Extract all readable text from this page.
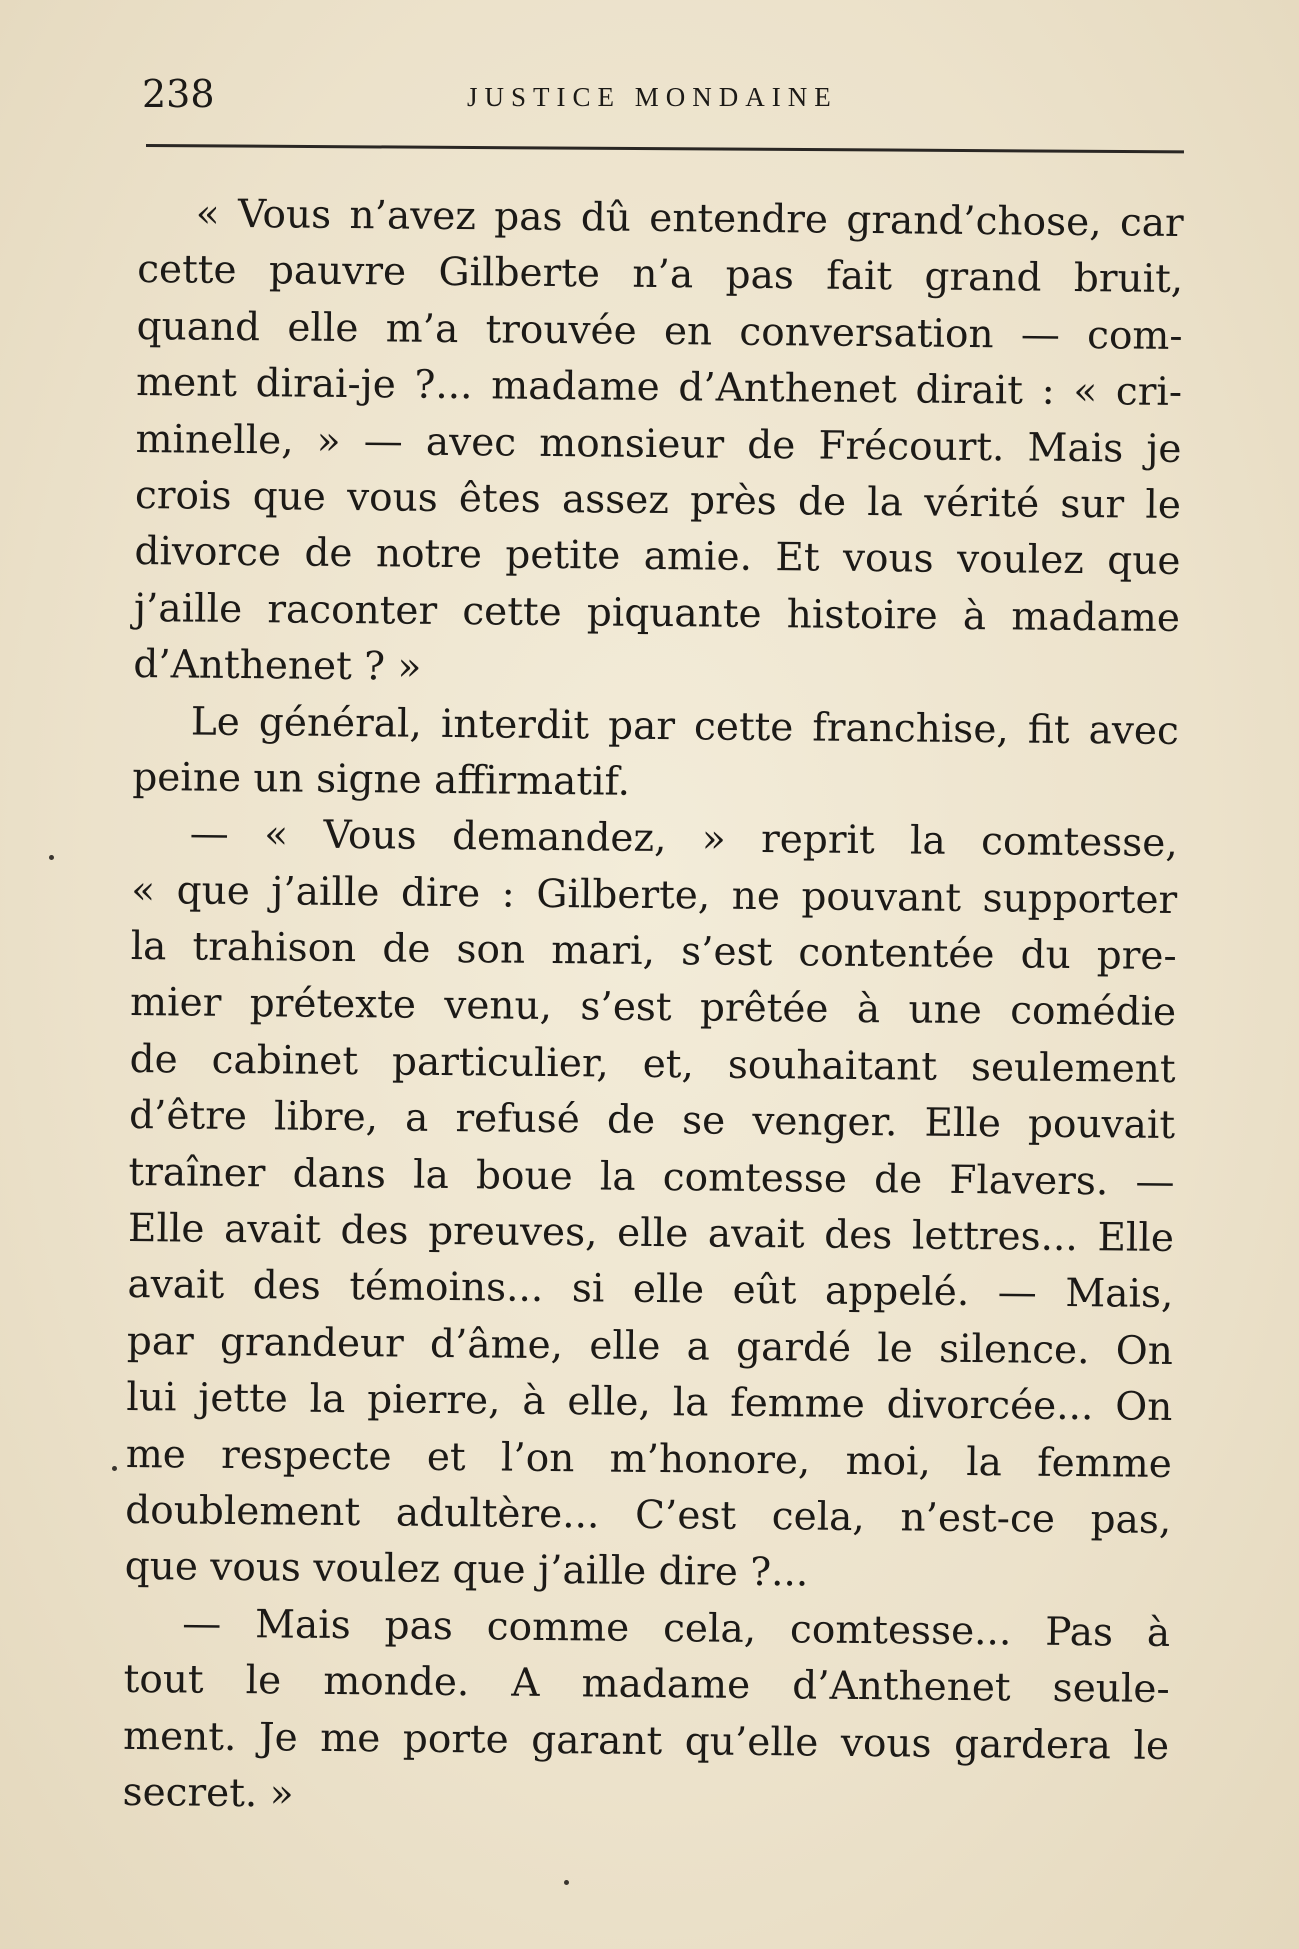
238	JUSTICE MONDAINE
« Vous n’avez pas dû entendre grand’chose, car
cette pauvre Gilberte n’a pas fait grand bruit,
quand elle m’a trouvée en conversation — com-
ment dirai-je ?... madame d’Anthenet dirait : « cri-
minelle, » — avec monsieur de Frécourt. Mais je
crois que vous êtes assez près de la vérité sur le
divorce de notre petite amie. Et vous voulez que
j’aille raconter cette piquante histoire à madame
d’Anthenet ? »
Le général, interdit par cette franchise, fit avec
peine un signe affirmatif.
— « Vous demandez, » reprit la comtesse,
« que j’aille dire : Gilberte, ne pouvant supporter
la trahison de son mari, s’est contentée du pre-
mier prétexte venu, s’est prêtée à une comédie
de cabinet particulier, et, souhaitant seulement
d’être libre, a refusé de se venger. Elle pouvait
traîner dans la boue la comtesse de Flavers. —
Elle avait des preuves, elle avait des lettres... Elle
avait des témoins... si elle eût appelé. — Mais,
par grandeur d’âme, elle a gardé le silence. On
lui jette la pierre, à elle, la femme divorcée... On
me respecte et l’on m’honore, moi, la femme
doublement adultère... C’est cela, n’est-ce pas,
que vous voulez que j’aille dire ?...
— Mais pas comme cela, comtesse... Pas à
tout le monde. A madame d’Anthenet seule-
ment. Je me porte garant qu’elle vous gardera le
secret. »
